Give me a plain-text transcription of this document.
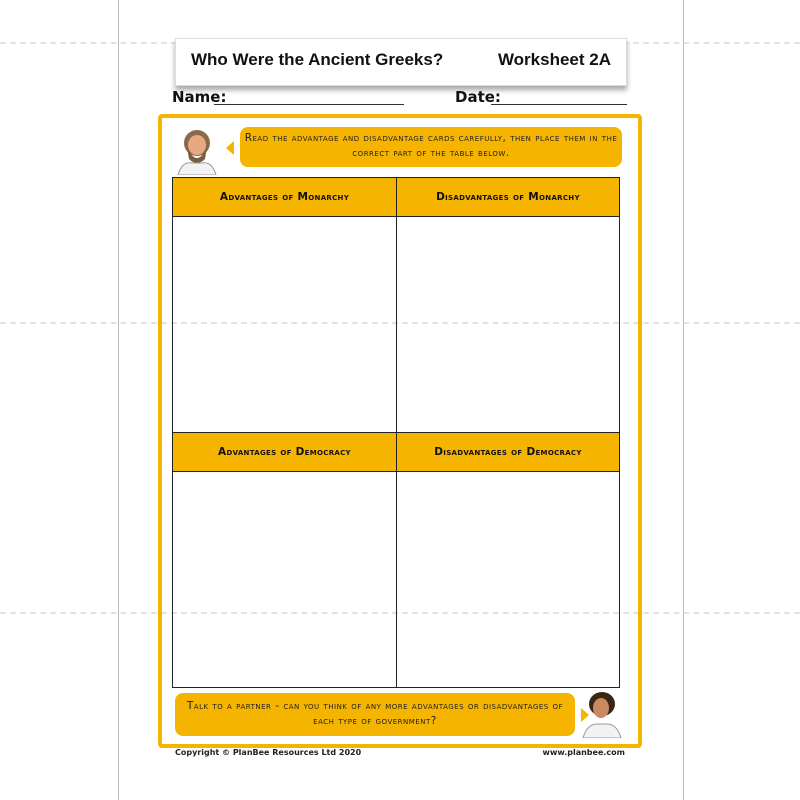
Who Were the Ancient Greeks?	Worksheet 2A
Name:	Date:
Read the advantage and disadvantage cards carefully, then place them in the correct part of the table below.
Advantages of Monarchy	Disadvantages of Monarchy
Advantages of Democracy	Disadvantages of Democracy
Talk to a partner - can you think of any more advantages or disadvantages of each type of government?
Copyright © PlanBee Resources Ltd 2020	www.planbee.com
